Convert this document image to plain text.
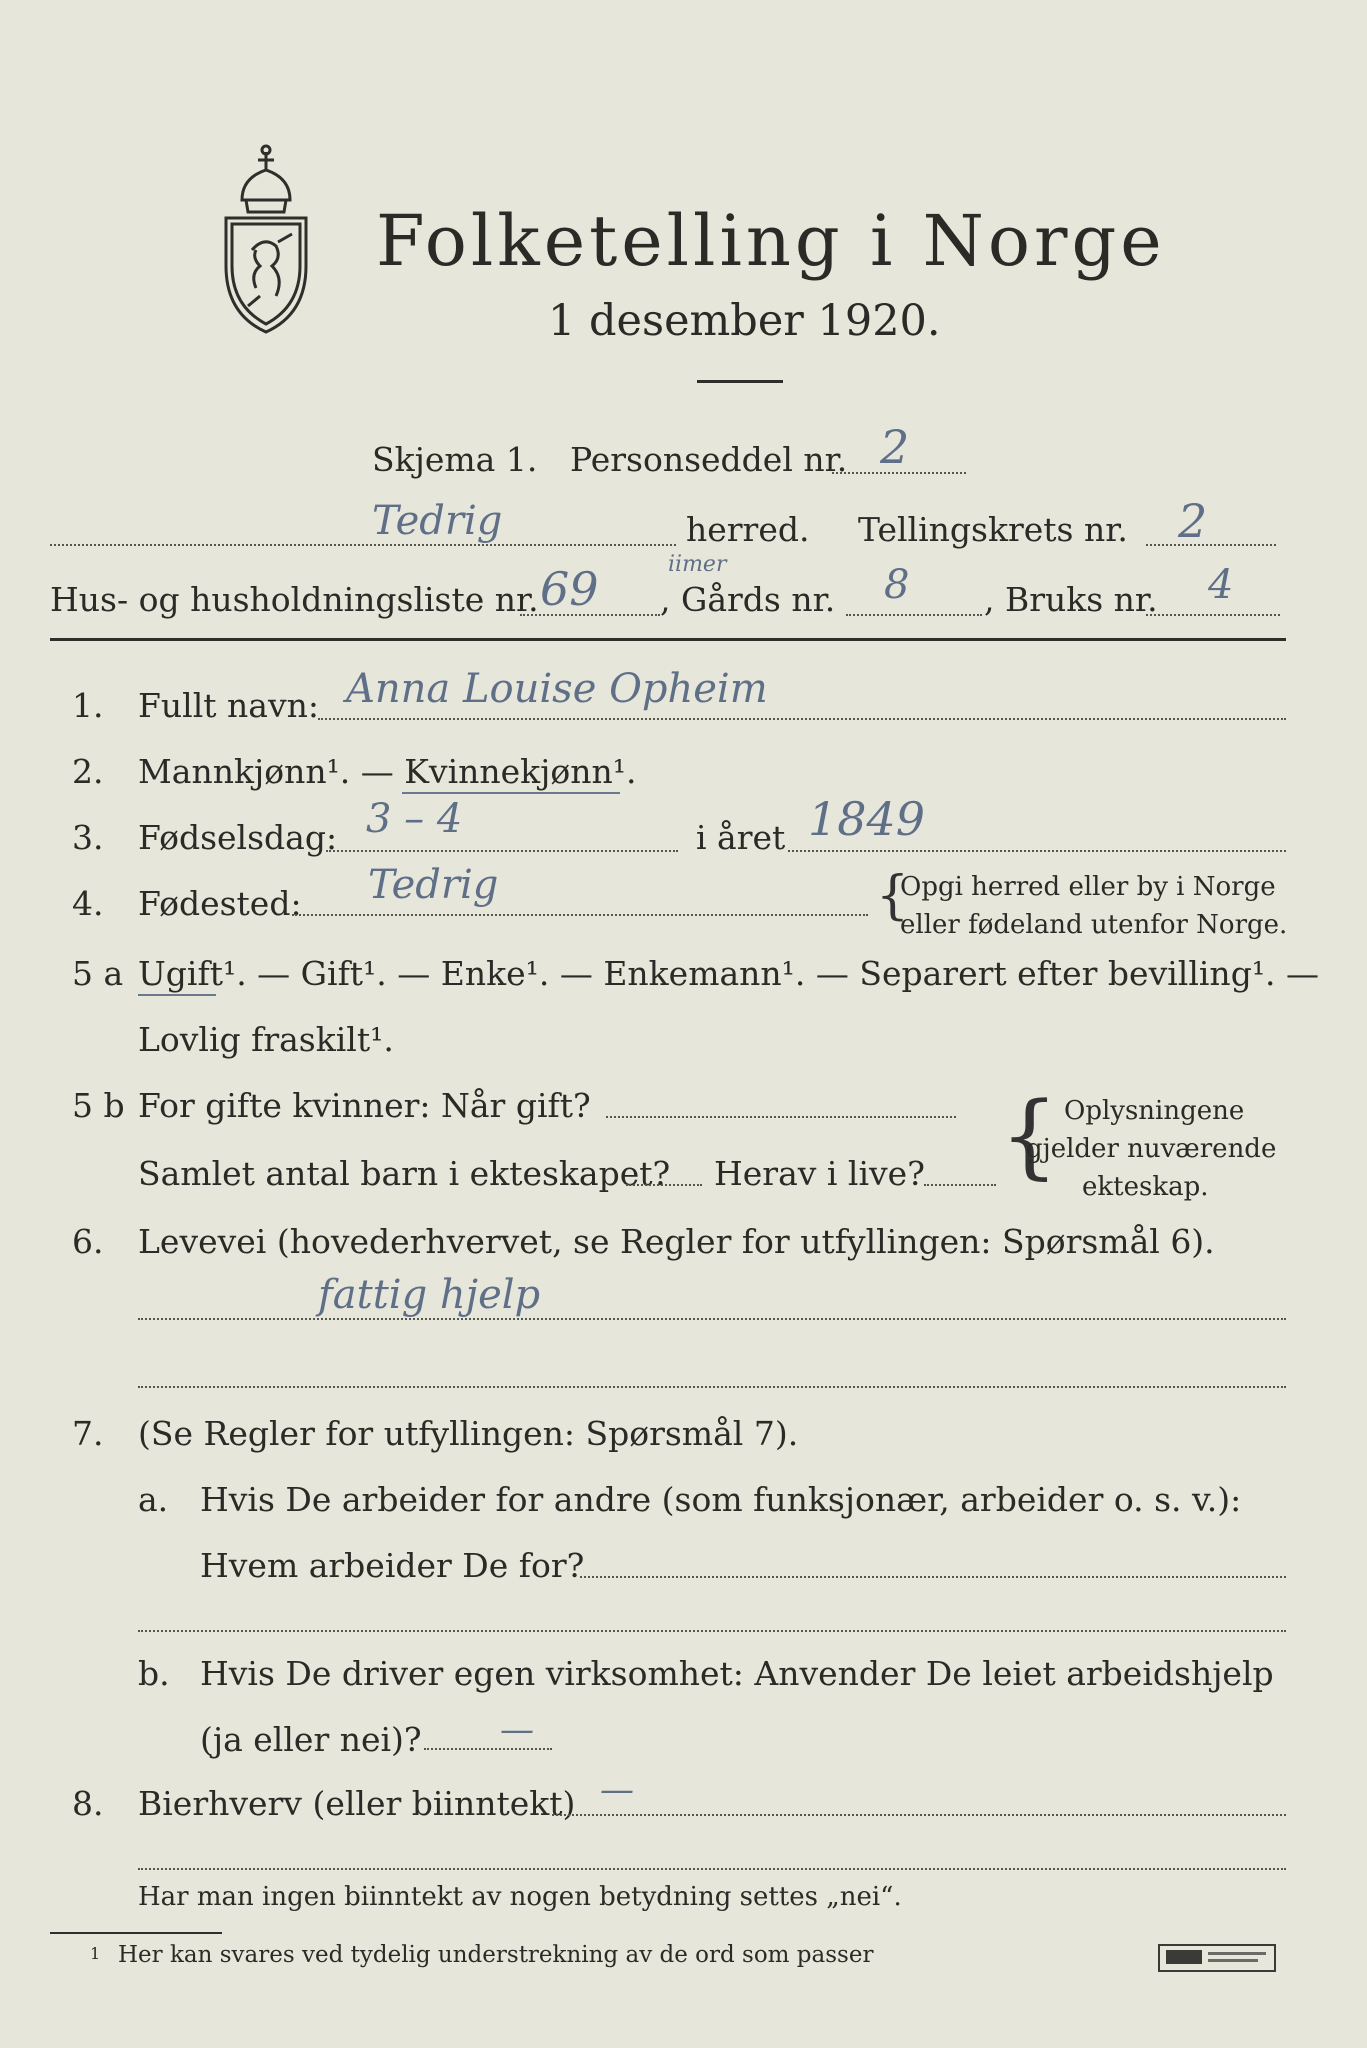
Folketelling i Norge
1 desember 1920.
Skjema 1. Personseddel nr. 2
Tedrig	herred. Tellingskrets nr. 2
Hus- og husholdningsliste nr. 69	iimer
, Gårds nr. 8 , Bruks nr. 4
1. Fullt navn: Anna Louise Opheim
2. Mannkjønn¹. — Kvinnekjønn¹.
3. Fødselsdag: 3 – 4	i året 1849
4. Fødested: Tedrig	{
Opgi herred eller by i Norge
eller fødeland utenfor Norge.
5 a Ugift¹. — Gift¹. — Enke¹. — Enkemann¹. — Separert efter bevilling¹. —
Lovlig fraskilt¹.
5 b For gifte kvinner: Når gift?
Samlet antal barn i ekteskapet? Herav i live? { Oplysningene
gjelder nuværende
ekteskap.
6. Levevei (hovederhvervet, se Regler for utfyllingen: Spørsmål 6).
fattig hjelp
7. (Se Regler for utfyllingen: Spørsmål 7).
a. Hvis De arbeider for andre (som funksjonær, arbeider o. s. v.):
Hvem arbeider De for?
b. Hvis De driver egen virksomhet: Anvender De leiet arbeidshjelp
(ja eller nei)? —
8. Bierhverv (eller biinntekt) —
Har man ingen biinntekt av nogen betydning settes „nei“.
1 Her kan svares ved tydelig understrekning av de ord som passer
